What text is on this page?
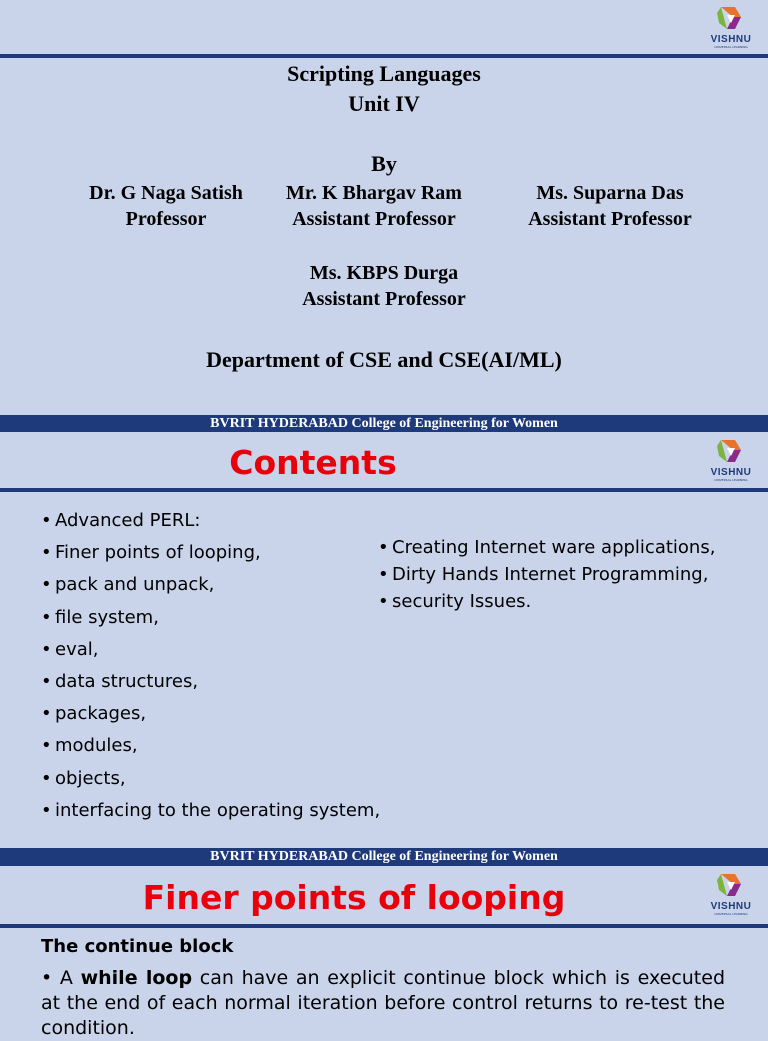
VISHNU
UNIVERSAL LEARNING
Scripting Languages
Unit IV
By
Dr. G Naga Satish
Professor
Mr. K Bhargav Ram
Assistant Professor
Ms. Suparna Das
Assistant Professor
Ms. KBPS Durga
Assistant Professor
Department of CSE and CSE(AI/ML)
BVRIT HYDERABAD College of Engineering for Women
Contents	VISHNU
UNIVERSAL LEARNING
• Advanced PERL:
• Finer points of looping,
• pack and unpack,
• file system,
• eval,
• data structures,
• packages,
• modules,
• objects,
• interfacing to the operating system,
• Creating Internet ware applications,
• Dirty Hands Internet Programming,
• security Issues.
BVRIT HYDERABAD College of Engineering for Women
Finer points of looping	VISHNU
UNIVERSAL LEARNING
The continue block
• A while loop can have an explicit continue block which is executed at the end of each normal iteration before control returns to re-test the condition.
